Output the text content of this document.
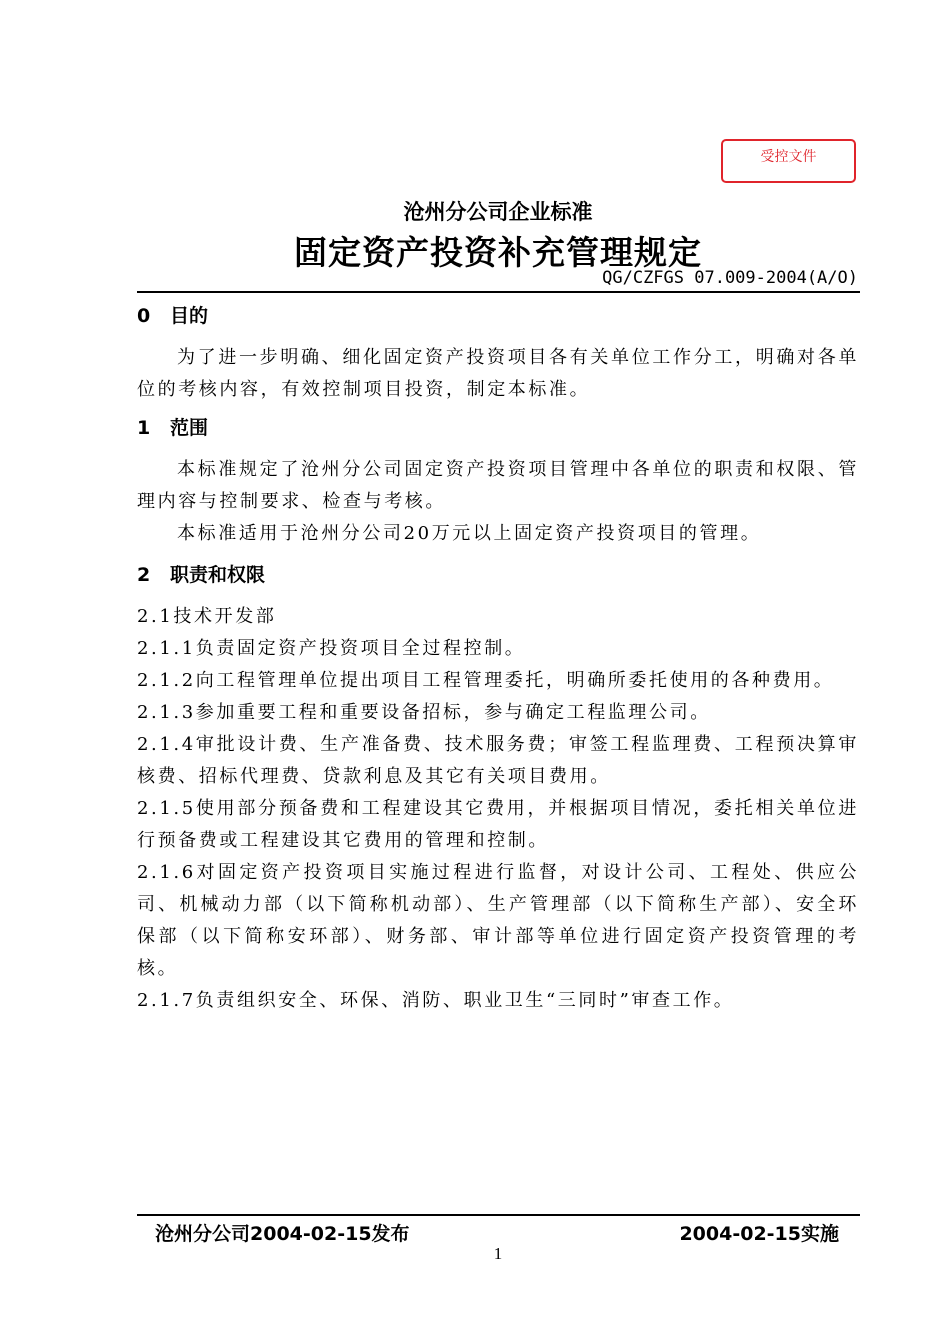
受控文件
沧州分公司企业标准
固定资产投资补充管理规定
QG/CZFGS 07.009-2004(A/O)
0 目的
为了进一步明确、细化固定资产投资项目各有关单位工作分工，明确对各单位的考核内容，有效控制项目投资，制定本标准。
1 范围
本标准规定了沧州分公司固定资产投资项目管理中各单位的职责和权限、管理内容与控制要求、检查与考核。
本标准适用于沧州分公司20万元以上固定资产投资项目的管理。
2 职责和权限
2.1技术开发部
2.1.1负责固定资产投资项目全过程控制。
2.1.2向工程管理单位提出项目工程管理委托，明确所委托使用的各种费用。
2.1.3参加重要工程和重要设备招标，参与确定工程监理公司。
2.1.4审批设计费、生产准备费、技术服务费；审签工程监理费、工程预决算审核费、招标代理费、贷款利息及其它有关项目费用。
2.1.5使用部分预备费和工程建设其它费用，并根据项目情况，委托相关单位进行预备费或工程建设其它费用的管理和控制。
2.1.6对固定资产投资项目实施过程进行监督，对设计公司、工程处、供应公司、机械动力部（以下简称机动部）、生产管理部（以下简称生产部）、安全环保部（以下简称安环部）、财务部、审计部等单位进行固定资产投资管理的考核。
2.1.7负责组织安全、环保、消防、职业卫生“三同时”审查工作。
沧州分公司2004-02-15发布	2004-02-15实施
1
